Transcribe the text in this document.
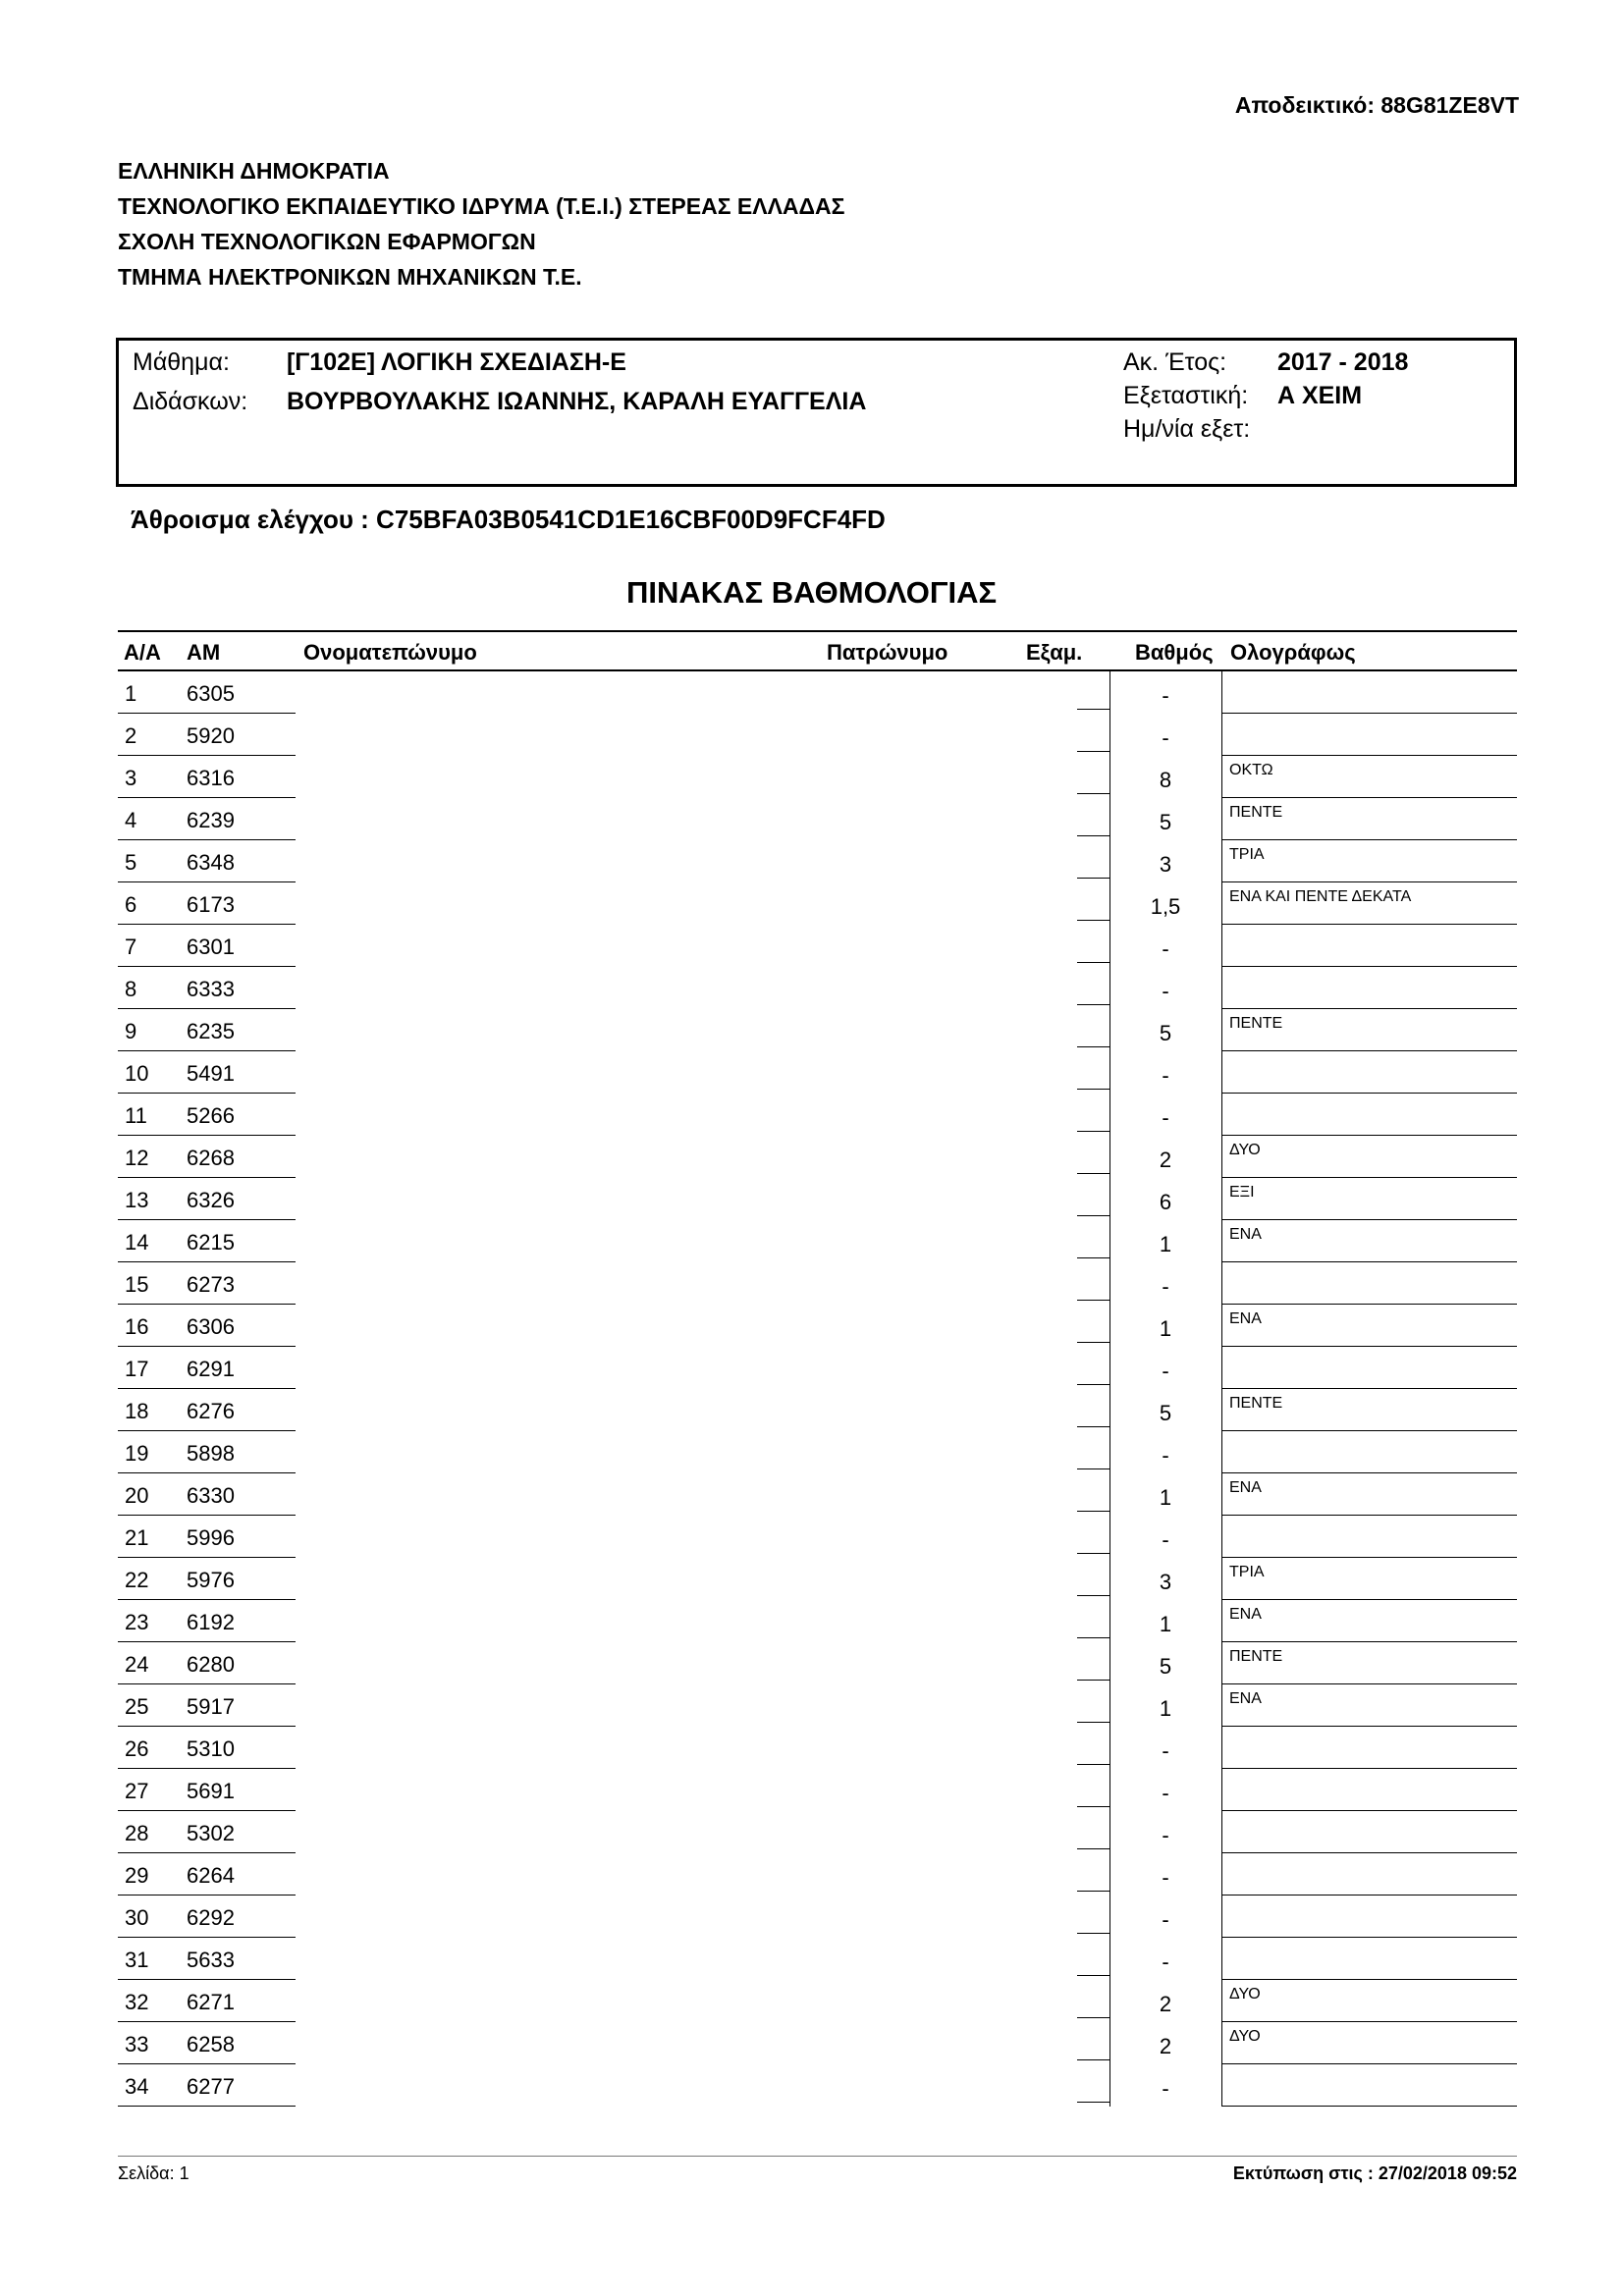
Αποδεικτικό: 88G81ZE8VT
ΕΛΛΗΝΙΚΗ ΔΗΜΟΚΡΑΤΙΑ
ΤΕΧΝΟΛΟΓΙΚΟ ΕΚΠΑΙΔΕΥΤΙΚΟ ΙΔΡΥΜΑ (Τ.Ε.Ι.) ΣΤΕΡΕΑΣ ΕΛΛΑΔΑΣ
ΣΧΟΛΗ ΤΕΧΝΟΛΟΓΙΚΩΝ ΕΦΑΡΜΟΓΩΝ
ΤΜΗΜΑ ΗΛΕΚΤΡΟΝΙΚΩΝ ΜΗΧΑΝΙΚΩΝ Τ.Ε.
Μάθημα: [Γ102Ε] ΛΟΓΙΚΗ ΣΧΕΔΙΑΣΗ-Ε
Διδάσκων: ΒΟΥΡΒΟΥΛΑΚΗΣ ΙΩΑΝΝΗΣ, ΚΑΡΑΛΗ ΕΥΑΓΓΕΛΙΑ
Ακ. Έτος: 2017 - 2018
Εξεταστική: Α ΧΕΙΜ
Ημ/νία εξετ:
Άθροισμα ελέγχου : C75BFA03B0541CD1E16CBF00D9FCF4FD
ΠΙΝΑΚΑΣ ΒΑΘΜΟΛΟΓΙΑΣ
Α/Α ΑΜ	Ονοματεπώνυμο	Πατρώνυμο	Εξαμ. Βαθμός Ολογράφως
1 6305	-
2 5920	-
3 6316	8	ΟΚΤΩ
4 6239	5	ΠΕΝΤΕ
5 6348	3	ΤΡΙΑ
6 6173	1,5	ΕΝΑ ΚΑΙ ΠΕΝΤΕ ΔΕΚΑΤΑ
7 6301	-
8 6333	-
9 6235	5	ΠΕΝΤΕ
10 5491	-
11 5266	-
12 6268	2	ΔΥΟ
13 6326	6	ΕΞΙ
14 6215	1	ΕΝΑ
15 6273	-
16 6306	1	ΕΝΑ
17 6291	-
18 6276	5	ΠΕΝΤΕ
19 5898	-
20 6330	1	ΕΝΑ
21 5996	-
22 5976	3	ΤΡΙΑ
23 6192	1	ΕΝΑ
24 6280	5	ΠΕΝΤΕ
25 5917	1	ΕΝΑ
26 5310	-
27 5691	-
28 5302	-
29 6264	-
30 6292	-
31 5633	-
32 6271	2	ΔΥΟ
33 6258	2	ΔΥΟ
34 6277	-
Σελίδα: 1	Εκτύπωση στις : 27/02/2018 09:52
